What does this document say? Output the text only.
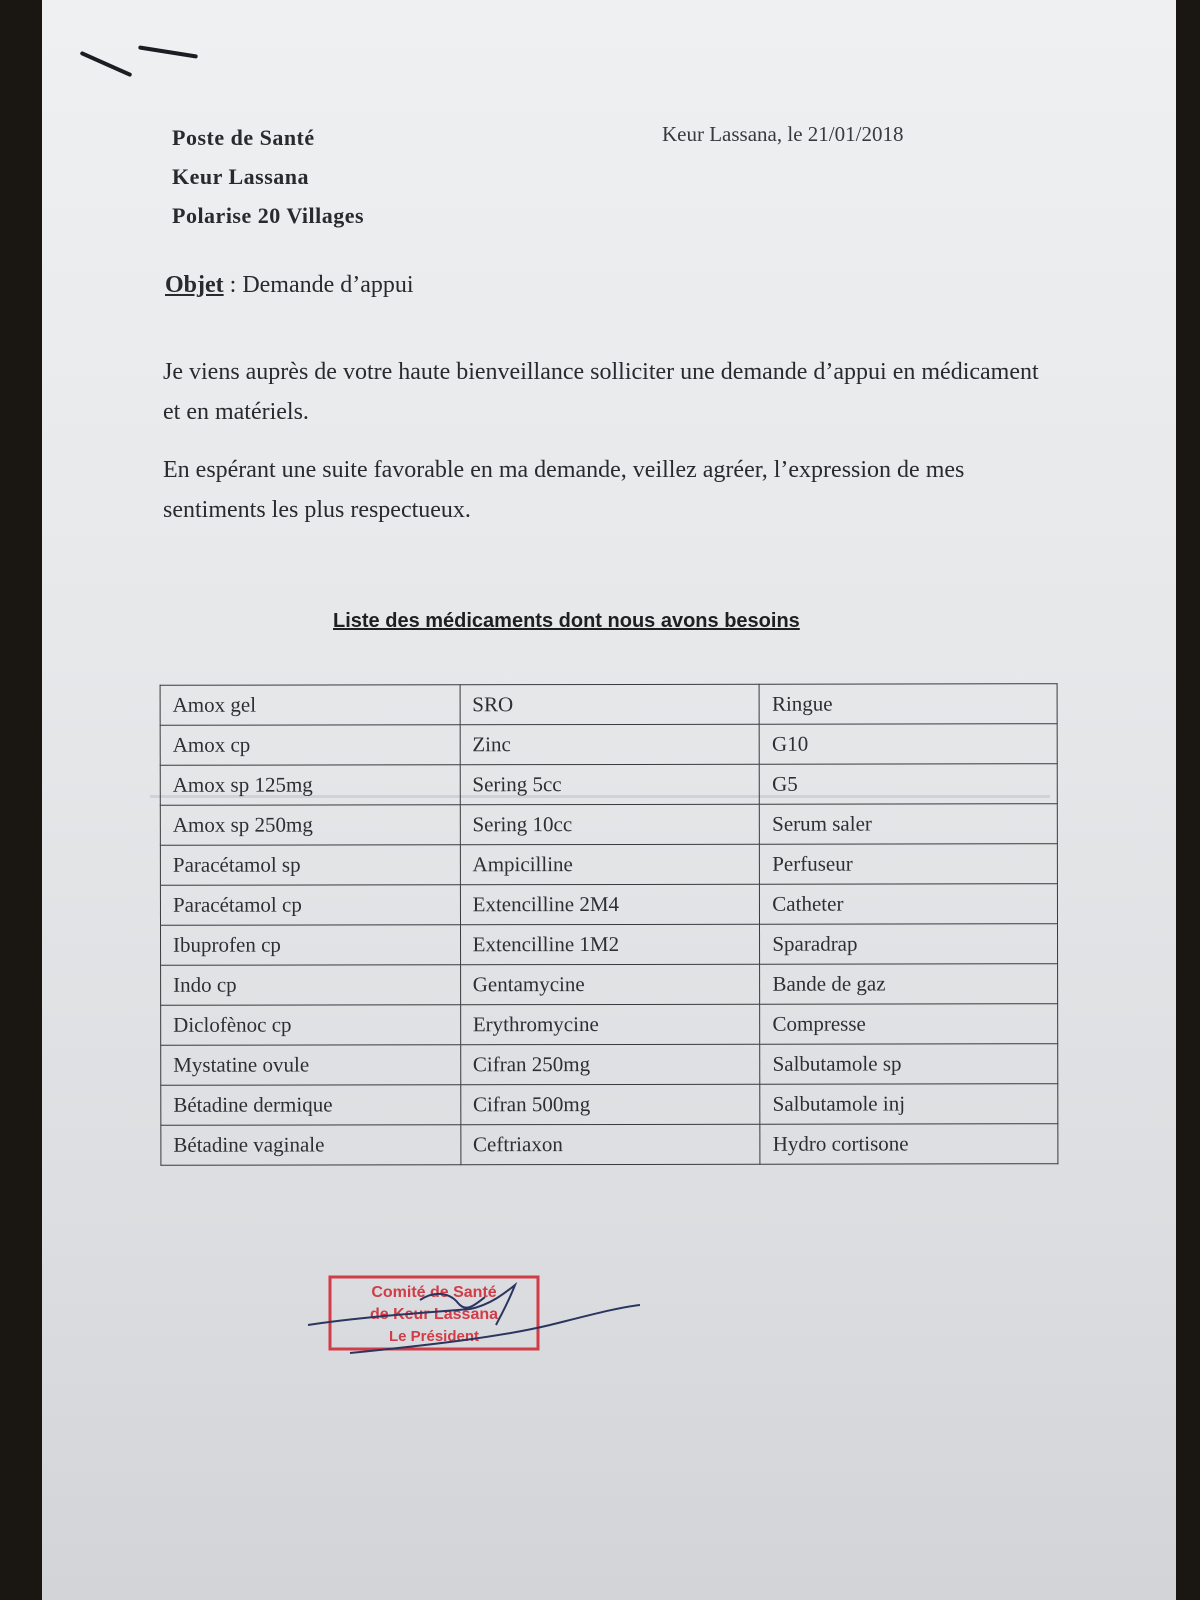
Poste de Santé
Keur Lassana
Polarise 20 Villages
Keur Lassana, le 21/01/2018
Objet : Demande d’appui
Je viens auprès de votre haute bienveillance solliciter une demande d’appui en médicament et en matériels.
En espérant une suite favorable en ma demande, veillez agréer, l’expression de mes sentiments les plus respectueux.
Liste des médicaments dont nous avons besoins
Amox gel	SRO	Ringue
Amox cp	Zinc	G10
Amox sp 125mg	Sering 5cc	G5
Amox sp 250mg	Sering 10cc	Serum saler
Paracétamol sp	Ampicilline	Perfuseur
Paracétamol cp	Extencilline 2M4	Catheter
Ibuprofen cp	Extencilline 1M2	Sparadrap
Indo cp	Gentamycine	Bande de gaz
Diclofènoc cp	Erythromycine	Compresse
Mystatine ovule	Cifran 250mg	Salbutamole sp
Bétadine dermique	Cifran 500mg	Salbutamole inj
Bétadine vaginale	Ceftriaxon	Hydro cortisone
Comité de Santé
de Keur Lassana
Le Président
